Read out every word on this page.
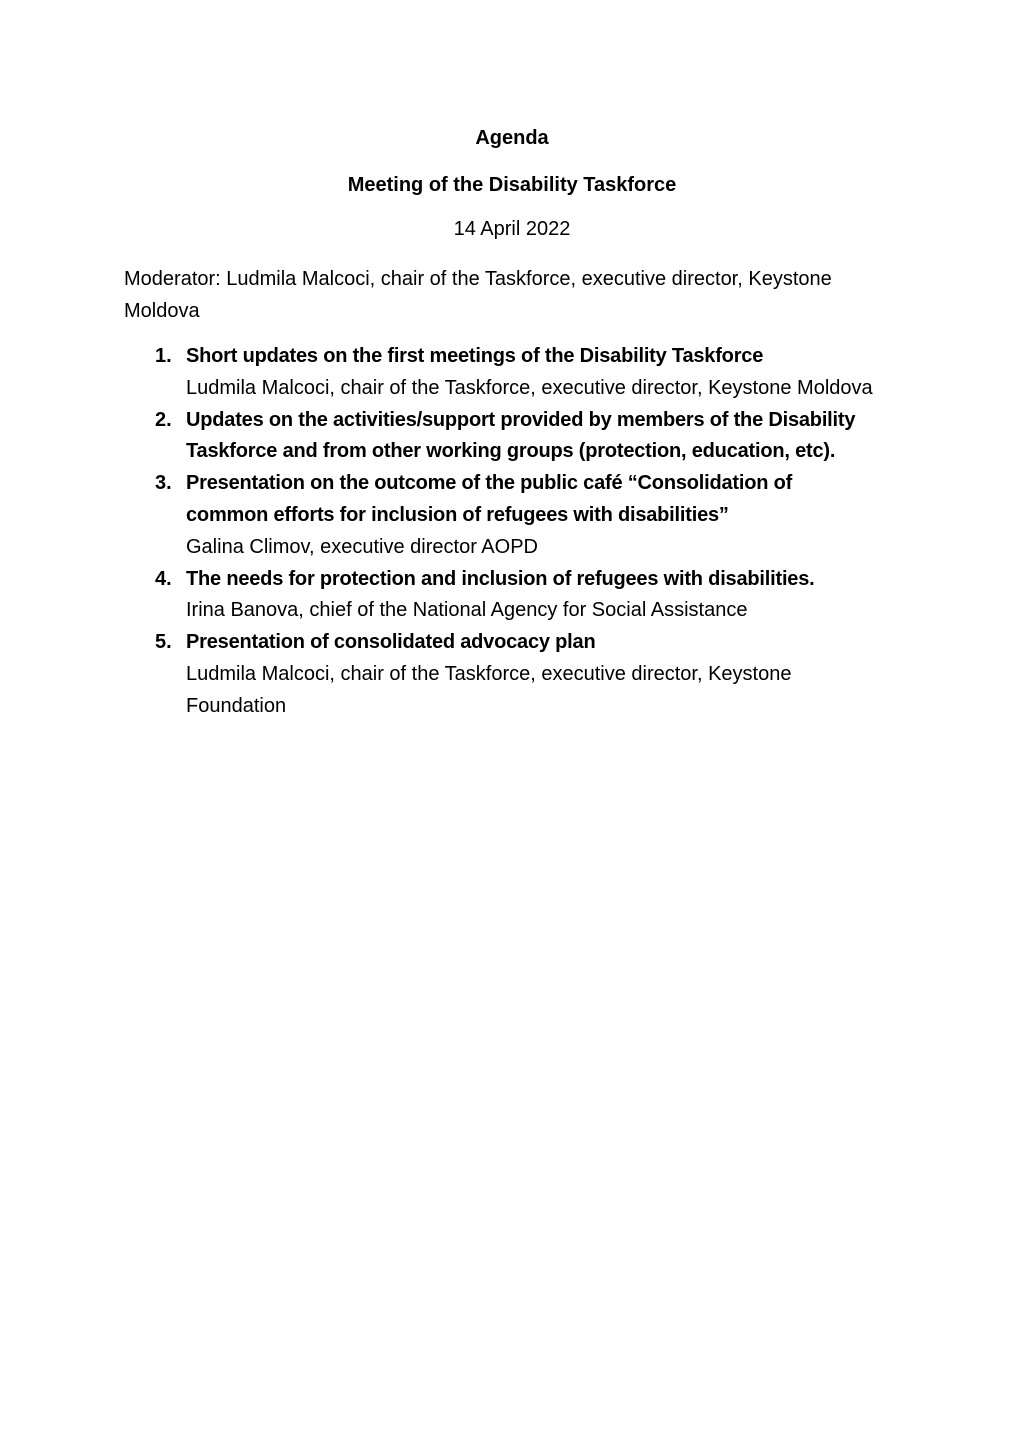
Agenda
Meeting of the Disability Taskforce
14 April 2022
Moderator: Ludmila Malcoci, chair of the Taskforce, executive director, Keystone Moldova
1. Short updates on the first meetings of the Disability Taskforce
Ludmila Malcoci, chair of the Taskforce, executive director, Keystone Moldova
2. Updates on the activities/support provided by members of the Disability Taskforce and from other working groups (protection, education, etc).
3. Presentation on the outcome of the public café “Consolidation of common efforts for inclusion of refugees with disabilities”
Galina Climov, executive director AOPD
4. The needs for protection and inclusion of refugees with disabilities.
Irina Banova, chief of the National Agency for Social Assistance
5. Presentation of consolidated advocacy plan
Ludmila Malcoci, chair of the Taskforce, executive director, Keystone Foundation
